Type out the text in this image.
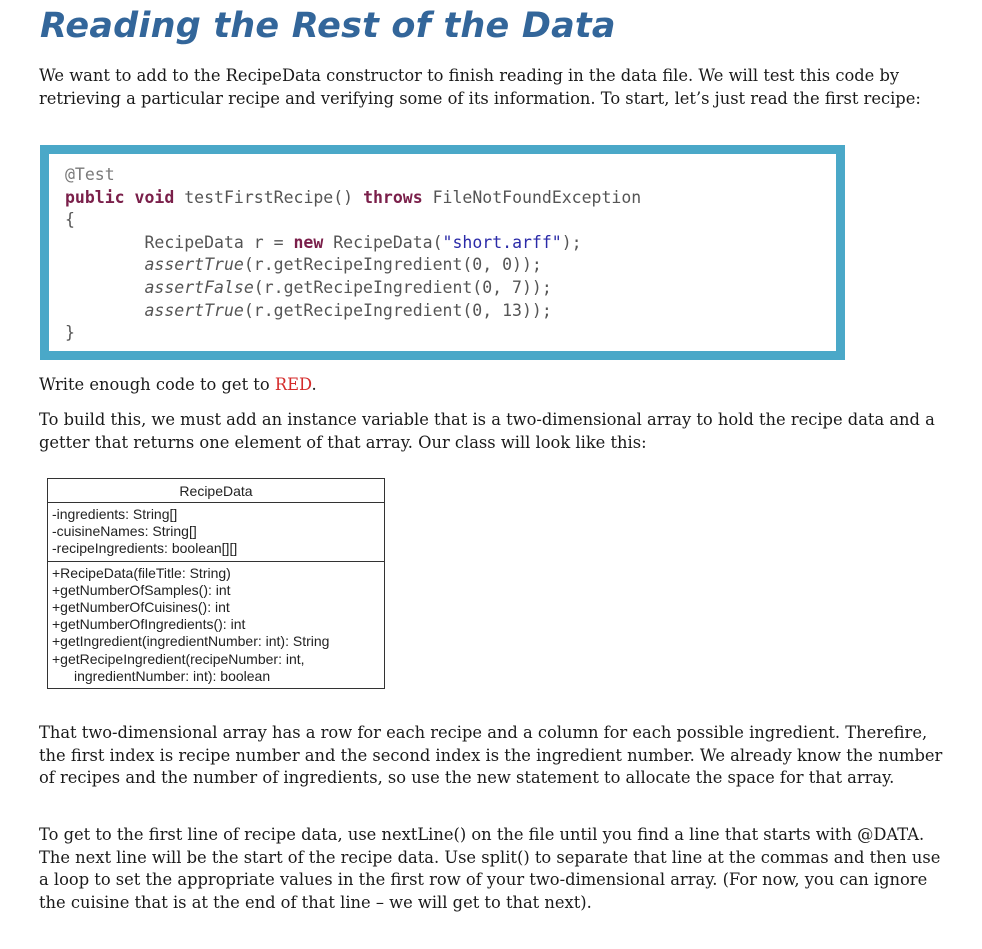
Reading the Rest of the Data

We want to add to the RecipeData constructor to finish reading in the data file. We will test this code by retrieving a particular recipe and verifying some of its information. To start, let’s just read the first recipe:

@Test
public void testFirstRecipe() throws FileNotFoundException
{
RecipeData r = new RecipeData("short.arff");
assertTrue(r.getRecipeIngredient(0, 0));
assertFalse(r.getRecipeIngredient(0, 7));
assertTrue(r.getRecipeIngredient(0, 13));
}

Write enough code to get to RED.

To build this, we must add an instance variable that is a two-dimensional array to hold the recipe data and a getter that returns one element of that array. Our class will look like this:

RecipeData
-ingredients: String[]
-cuisineNames: String[]
-recipeIngredients: boolean[][]
+RecipeData(fileTitle: String)
+getNumberOfSamples(): int
+getNumberOfCuisines(): int
+getNumberOfIngredients(): int
+getIngredient(ingredientNumber: int): String
+getRecipeIngredient(recipeNumber: int,
ingredientNumber: int): boolean

That two-dimensional array has a row for each recipe and a column for each possible ingredient. Therefire, the first index is recipe number and the second index is the ingredient number. We already know the number of recipes and the number of ingredients, so use the new statement to allocate the space for that array.

To get to the first line of recipe data, use nextLine() on the file until you find a line that starts with @DATA. The next line will be the start of the recipe data. Use split() to separate that line at the commas and then use a loop to set the appropriate values in the first row of your two-dimensional array. (For now, you can ignore the cuisine that is at the end of that line – we will get to that next).
